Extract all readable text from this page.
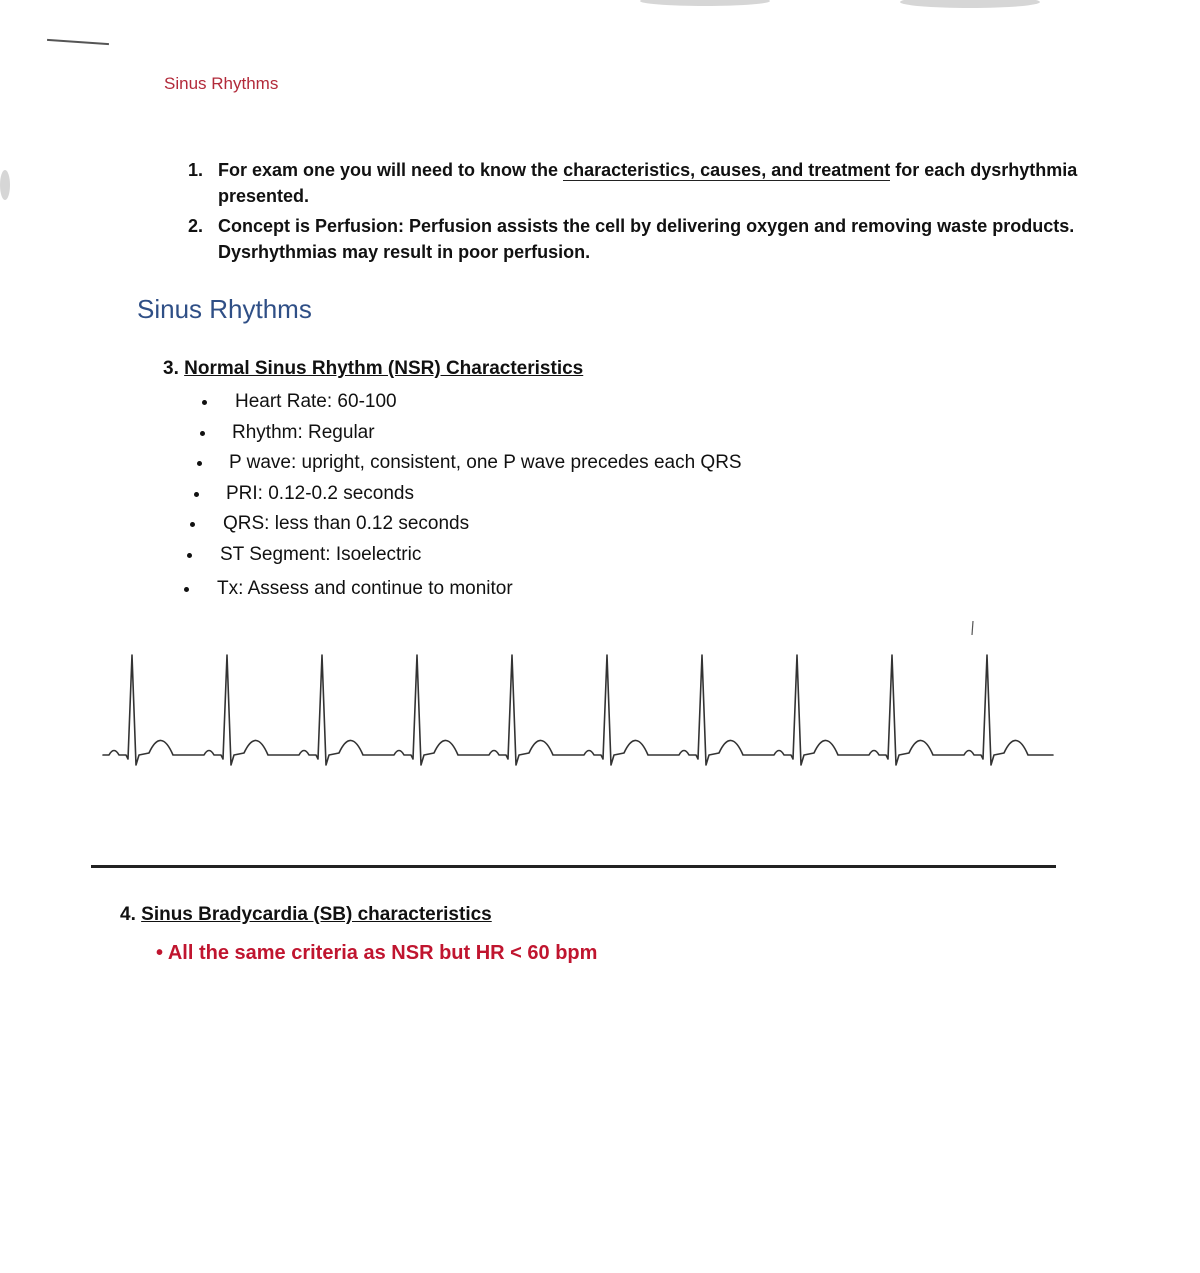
Sinus Rhythms
1. For exam one you will need to know the characteristics, causes, and treatment for each dysrhythmia presented.
2. Concept is Perfusion: Perfusion assists the cell by delivering oxygen and removing waste products. Dysrhythmias may result in poor perfusion.
Sinus Rhythms
3. Normal Sinus Rhythm (NSR) Characteristics
Heart Rate: 60-100
Rhythm: Regular
P wave: upright, consistent, one P wave precedes each QRS
PRI: 0.12-0.2 seconds
QRS: less than 0.12 seconds
ST Segment: Isoelectric
Tx: Assess and continue to monitor
4. Sinus Bradycardia (SB) characteristics
• All the same criteria as NSR but HR < 60 bpm
